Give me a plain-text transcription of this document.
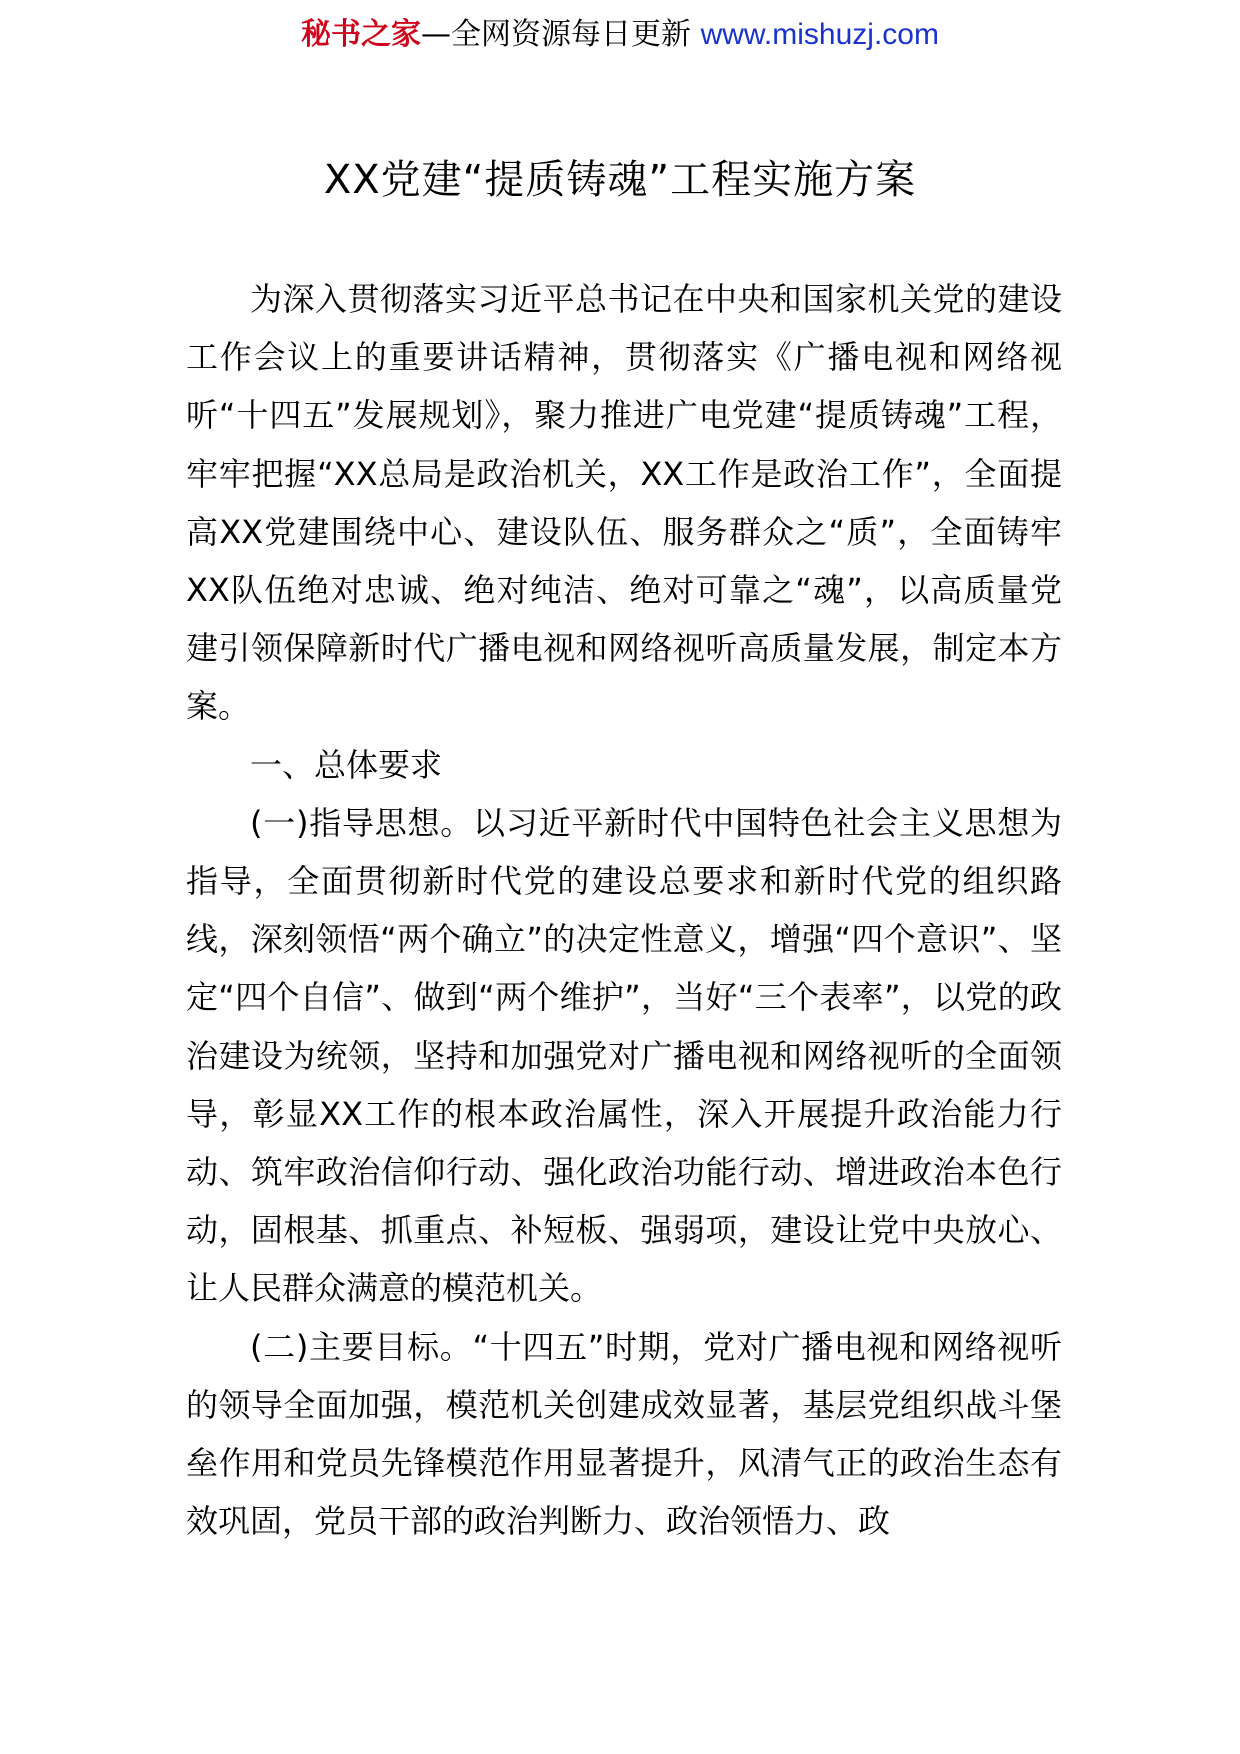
秘书之家—全网资源每日更新 www.mishuzj.com
XX党建“提质铸魂”工程实施方案

为深入贯彻落实习近平总书记在中央和国家机关党的建设工作会议上的重要讲话精神，贯彻落实《广播电视和网络视听“十四五”发展规划》，聚力推进广电党建“提质铸魂”工程，牢牢把握“XX总局是政治机关，XX工作是政治工作”，全面提高XX党建围绕中心、建设队伍、服务群众之“质”，全面铸牢XX队伍绝对忠诚、绝对纯洁、绝对可靠之“魂”，以高质量党建引领保障新时代广播电视和网络视听高质量发展，制定本方案。

一、总体要求

(一)指导思想。以习近平新时代中国特色社会主义思想为指导，全面贯彻新时代党的建设总要求和新时代党的组织路线，深刻领悟“两个确立”的决定性意义，增强“四个意识”、坚定“四个自信”、做到“两个维护”，当好“三个表率”，以党的政治建设为统领，坚持和加强党对广播电视和网络视听的全面领导，彰显XX工作的根本政治属性，深入开展提升政治能力行动、筑牢政治信仰行动、强化政治功能行动、增进政治本色行动，固根基、抓重点、补短板、强弱项，建设让党中央放心、让人民群众满意的模范机关。

(二)主要目标。“十四五”时期，党对广播电视和网络视听的领导全面加强，模范机关创建成效显著，基层党组织战斗堡垒作用和党员先锋模范作用显著提升，风清气正的政治生态有效巩固，党员干部的政治判断力、政治领悟力、政
